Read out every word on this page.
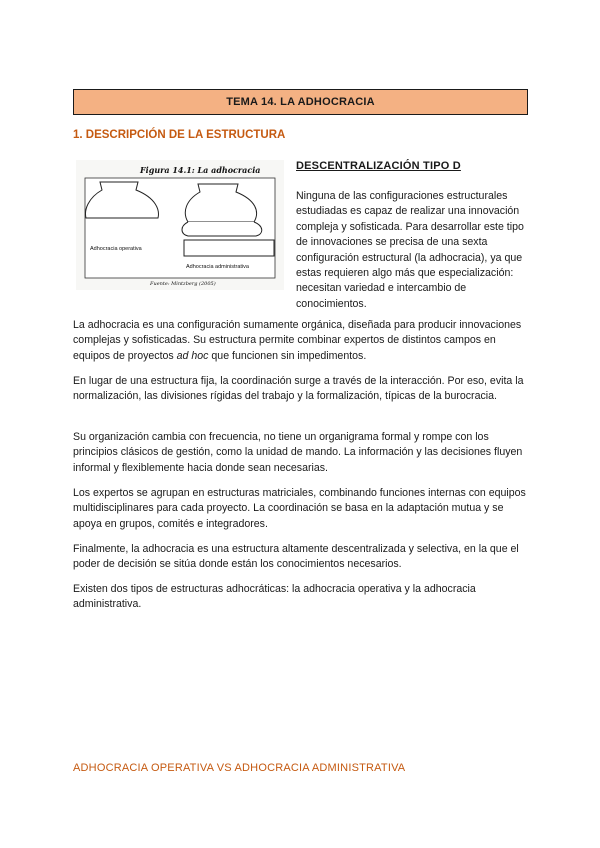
TEMA 14. LA ADHOCRACIA
1. DESCRIPCIÓN DE LA ESTRUCTURA
Figura 14.1: La adhocracia
Adhocracia operativa
Adhocracia administrativa
Fuente: Mintzberg (2005)
DESCENTRALIZACIÓN TIPO D
Ninguna de las configuraciones estructurales estudiadas es capaz de realizar una innovación compleja y sofisticada. Para desarrollar este tipo de innovaciones se precisa de una sexta configuración estructural (la adhocracia), ya que estas requieren algo más que especialización: necesitan variedad e intercambio de conocimientos.
La adhocracia es una configuración sumamente orgánica, diseñada para producir innovaciones complejas y sofisticadas. Su estructura permite combinar expertos de distintos campos en equipos de proyectos ad hoc que funcionen sin impedimentos.
En lugar de una estructura fija, la coordinación surge a través de la interacción. Por eso, evita la normalización, las divisiones rígidas del trabajo y la formalización, típicas de la burocracia.
Su organización cambia con frecuencia, no tiene un organigrama formal y rompe con los principios clásicos de gestión, como la unidad de mando. La información y las decisiones fluyen informal y flexiblemente hacia donde sean necesarias.
Los expertos se agrupan en estructuras matriciales, combinando funciones internas con equipos multidisciplinares para cada proyecto. La coordinación se basa en la adaptación mutua y se apoya en grupos, comités e integradores.
Finalmente, la adhocracia es una estructura altamente descentralizada y selectiva, en la que el poder de decisión se sitúa donde están los conocimientos necesarios.
Existen dos tipos de estructuras adhocráticas: la adhocracia operativa y la adhocracia administrativa.
ADHOCRACIA OPERATIVA VS ADHOCRACIA ADMINISTRATIVA
